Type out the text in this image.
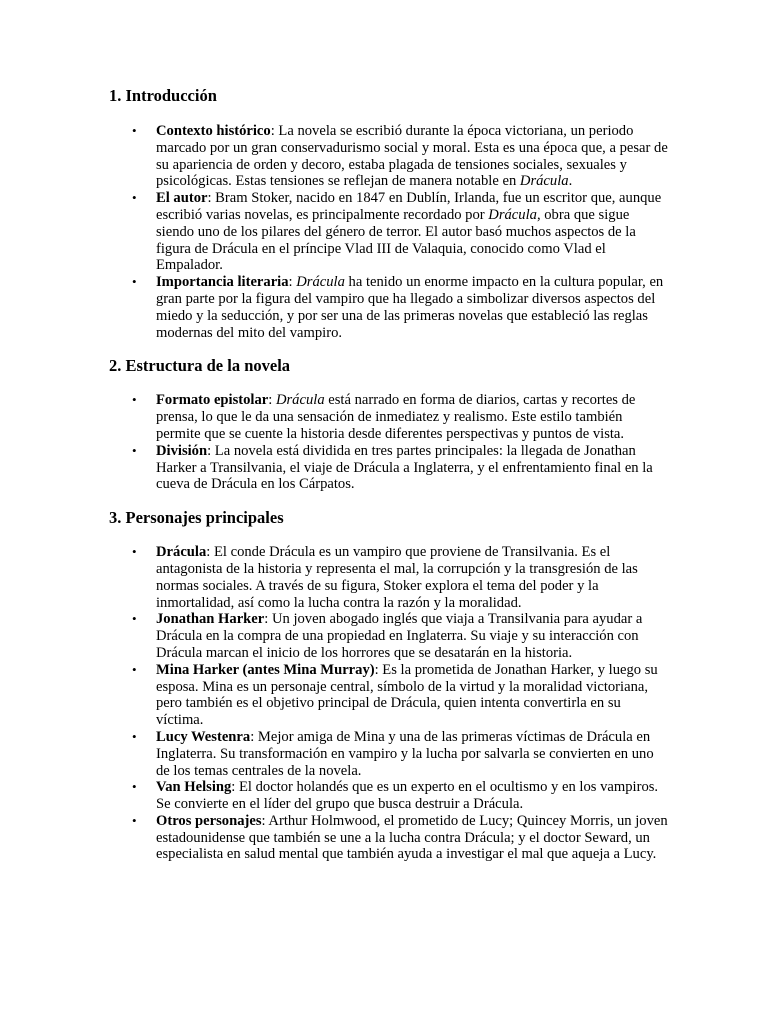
1. Introducción
• Contexto histórico: La novela se escribió durante la época victoriana, un periodo marcado por un gran conservadurismo social y moral. Esta es una época que, a pesar de su apariencia de orden y decoro, estaba plagada de tensiones sociales, sexuales y psicológicas. Estas tensiones se reflejan de manera notable en Drácula.
• El autor: Bram Stoker, nacido en 1847 en Dublín, Irlanda, fue un escritor que, aunque escribió varias novelas, es principalmente recordado por Drácula, obra que sigue siendo uno de los pilares del género de terror. El autor basó muchos aspectos de la figura de Drácula en el príncipe Vlad III de Valaquia, conocido como Vlad el Empalador.
• Importancia literaria: Drácula ha tenido un enorme impacto en la cultura popular, en gran parte por la figura del vampiro que ha llegado a simbolizar diversos aspectos del miedo y la seducción, y por ser una de las primeras novelas que estableció las reglas modernas del mito del vampiro.
2. Estructura de la novela
• Formato epistolar: Drácula está narrado en forma de diarios, cartas y recortes de prensa, lo que le da una sensación de inmediatez y realismo. Este estilo también permite que se cuente la historia desde diferentes perspectivas y puntos de vista.
• División: La novela está dividida en tres partes principales: la llegada de Jonathan Harker a Transilvania, el viaje de Drácula a Inglaterra, y el enfrentamiento final en la cueva de Drácula en los Cárpatos.
3. Personajes principales
• Drácula: El conde Drácula es un vampiro que proviene de Transilvania. Es el antagonista de la historia y representa el mal, la corrupción y la transgresión de las normas sociales. A través de su figura, Stoker explora el tema del poder y la inmortalidad, así como la lucha contra la razón y la moralidad.
• Jonathan Harker: Un joven abogado inglés que viaja a Transilvania para ayudar a Drácula en la compra de una propiedad en Inglaterra. Su viaje y su interacción con Drácula marcan el inicio de los horrores que se desatarán en la historia.
• Mina Harker (antes Mina Murray): Es la prometida de Jonathan Harker, y luego su esposa. Mina es un personaje central, símbolo de la virtud y la moralidad victoriana, pero también es el objetivo principal de Drácula, quien intenta convertirla en su víctima.
• Lucy Westenra: Mejor amiga de Mina y una de las primeras víctimas de Drácula en Inglaterra. Su transformación en vampiro y la lucha por salvarla se convierten en uno de los temas centrales de la novela.
• Van Helsing: El doctor holandés que es un experto en el ocultismo y en los vampiros. Se convierte en el líder del grupo que busca destruir a Drácula.
• Otros personajes: Arthur Holmwood, el prometido de Lucy; Quincey Morris, un joven estadounidense que también se une a la lucha contra Drácula; y el doctor Seward, un especialista en salud mental que también ayuda a investigar el mal que aqueja a Lucy.
